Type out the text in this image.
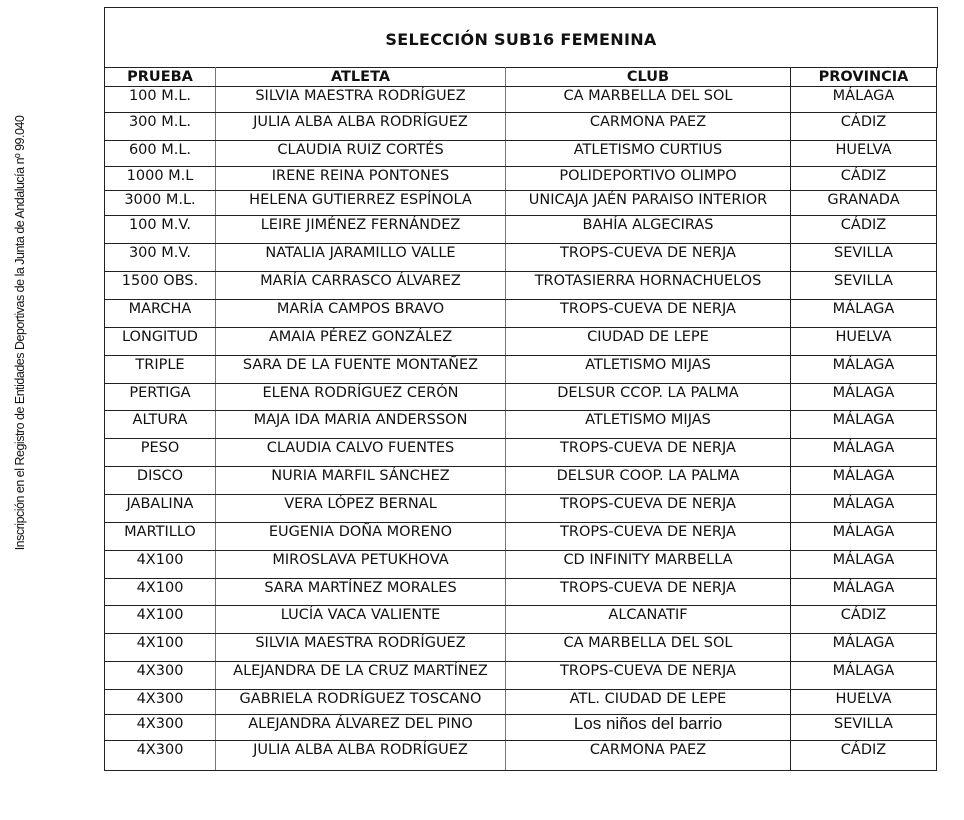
Inscripción en el Registro de Entidades Deportivas de la Junta de Andalucía nº 99.040
SELECCIÓN SUB16 FEMENINA
PRUEBA	ATLETA	CLUB	PROVINCIA
100 M.L.	SILVIA MAESTRA RODRÍGUEZ	CA MARBELLA DEL SOL	MÁLAGA
300 M.L.	JULIA ALBA ALBA RODRÍGUEZ	CARMONA PAEZ	CÁDIZ
600 M.L.	CLAUDIA RUIZ CORTÉS	ATLETISMO CURTIUS	HUELVA
1000 M.L	IRENE REINA PONTONES	POLIDEPORTIVO OLIMPO	CÁDIZ
3000 M.L.	HELENA GUTIERREZ ESPÍNOLA	UNICAJA JAÉN PARAISO INTERIOR	GRANADA
100 M.V.	LEIRE JIMÉNEZ FERNÁNDEZ	BAHÍA ALGECIRAS	CÁDIZ
300 M.V.	NATALIA JARAMILLO VALLE	TROPS-CUEVA DE NERJA	SEVILLA
1500 OBS.	MARÍA CARRASCO ÁLVAREZ	TROTASIERRA HORNACHUELOS	SEVILLA
MARCHA	MARÍA CAMPOS BRAVO	TROPS-CUEVA DE NERJA	MÁLAGA
LONGITUD	AMAIA PÉREZ GONZÁLEZ	CIUDAD DE LEPE	HUELVA
TRIPLE	SARA DE LA FUENTE MONTAÑEZ	ATLETISMO MIJAS	MÁLAGA
PERTIGA	ELENA RODRÍGUEZ CERÓN	DELSUR CCOP. LA PALMA	MÁLAGA
ALTURA	MAJA IDA MARIA ANDERSSON	ATLETISMO MIJAS	MÁLAGA
PESO	CLAUDIA CALVO FUENTES	TROPS-CUEVA DE NERJA	MÁLAGA
DISCO	NURIA MARFIL SÁNCHEZ	DELSUR COOP. LA PALMA	MÁLAGA
JABALINA	VERA LÓPEZ BERNAL	TROPS-CUEVA DE NERJA	MÁLAGA
MARTILLO	EUGENIA DOÑA MORENO	TROPS-CUEVA DE NERJA	MÁLAGA
4X100	MIROSLAVA PETUKHOVA	CD INFINITY MARBELLA	MÁLAGA
4X100	SARA MARTÍNEZ MORALES	TROPS-CUEVA DE NERJA	MÁLAGA
4X100	LUCÍA VACA VALIENTE	ALCANATIF	CÁDIZ
4X100	SILVIA MAESTRA RODRÍGUEZ	CA MARBELLA DEL SOL	MÁLAGA
4X300	ALEJANDRA DE LA CRUZ MARTÍNEZ	TROPS-CUEVA DE NERJA	MÁLAGA
4X300	GABRIELA RODRÍGUEZ TOSCANO	ATL. CIUDAD DE LEPE	HUELVA
4X300	ALEJANDRA ÁLVAREZ DEL PINO	Los niños del barrio	SEVILLA
4X300	JULIA ALBA ALBA RODRÍGUEZ	CARMONA PAEZ	CÁDIZ
